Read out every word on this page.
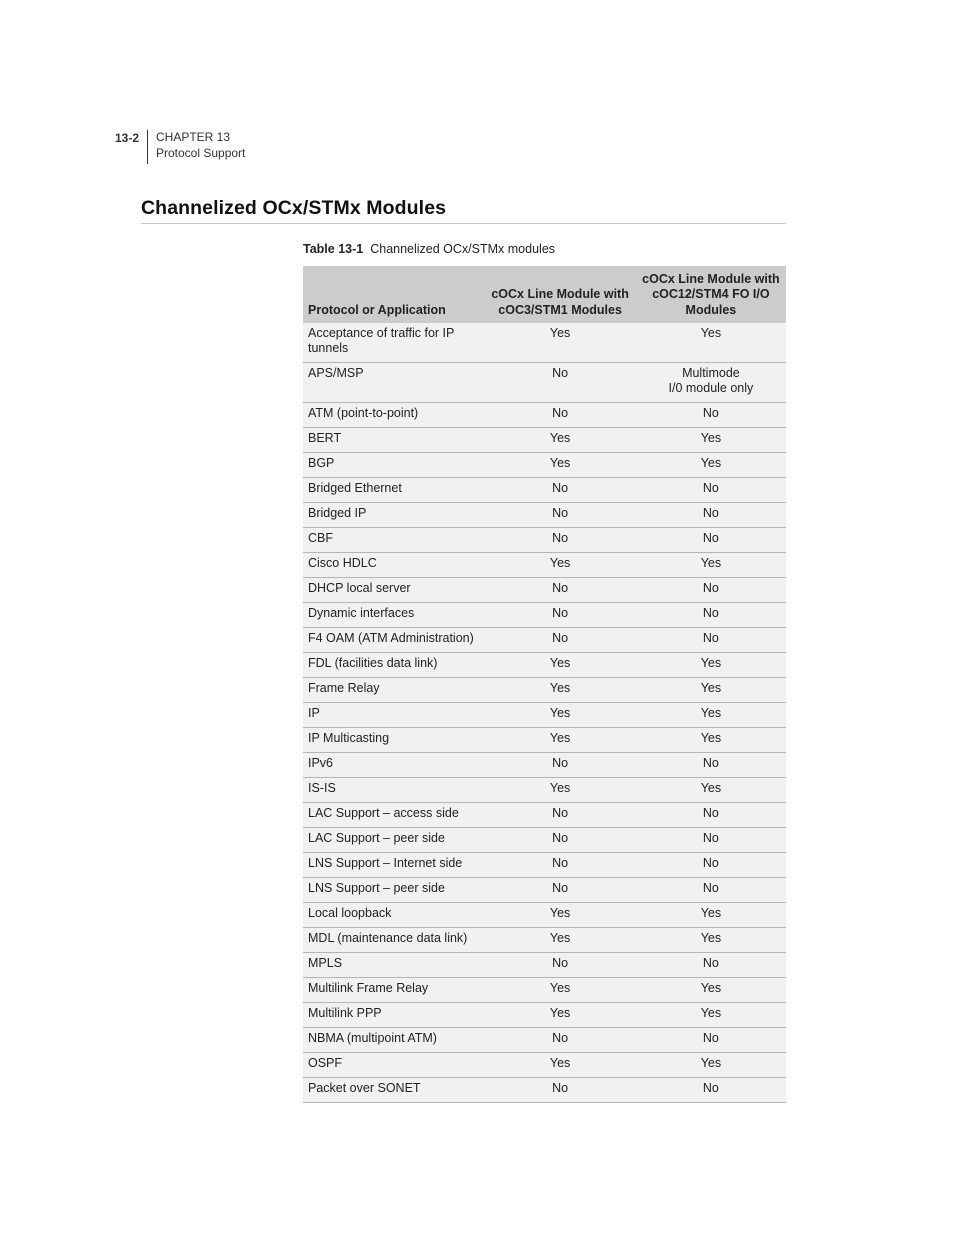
13-2 CHAPTER 13
Protocol Support
Channelized OCx/STMx Modules
Table 13-1 Channelized OCx/STMx modules
Protocol or Application	cOCx Line Module with cOC3/STM1 Modules	cOCx Line Module with cOC12/STM4 FO I/O Modules
Acceptance of traffic for IP tunnels	Yes	Yes
APS/MSP	No	Multimode
I/0 module only
ATM (point-to-point)	No	No
BERT	Yes	Yes
BGP	Yes	Yes
Bridged Ethernet	No	No
Bridged IP	No	No
CBF	No	No
Cisco HDLC	Yes	Yes
DHCP local server	No	No
Dynamic interfaces	No	No
F4 OAM (ATM Administration)	No	No
FDL (facilities data link)	Yes	Yes
Frame Relay	Yes	Yes
IP	Yes	Yes
IP Multicasting	Yes	Yes
IPv6	No	No
IS-IS	Yes	Yes
LAC Support – access side	No	No
LAC Support – peer side	No	No
LNS Support – Internet side	No	No
LNS Support – peer side	No	No
Local loopback	Yes	Yes
MDL (maintenance data link)	Yes	Yes
MPLS	No	No
Multilink Frame Relay	Yes	Yes
Multilink PPP	Yes	Yes
NBMA (multipoint ATM)	No	No
OSPF	Yes	Yes
Packet over SONET	No	No
